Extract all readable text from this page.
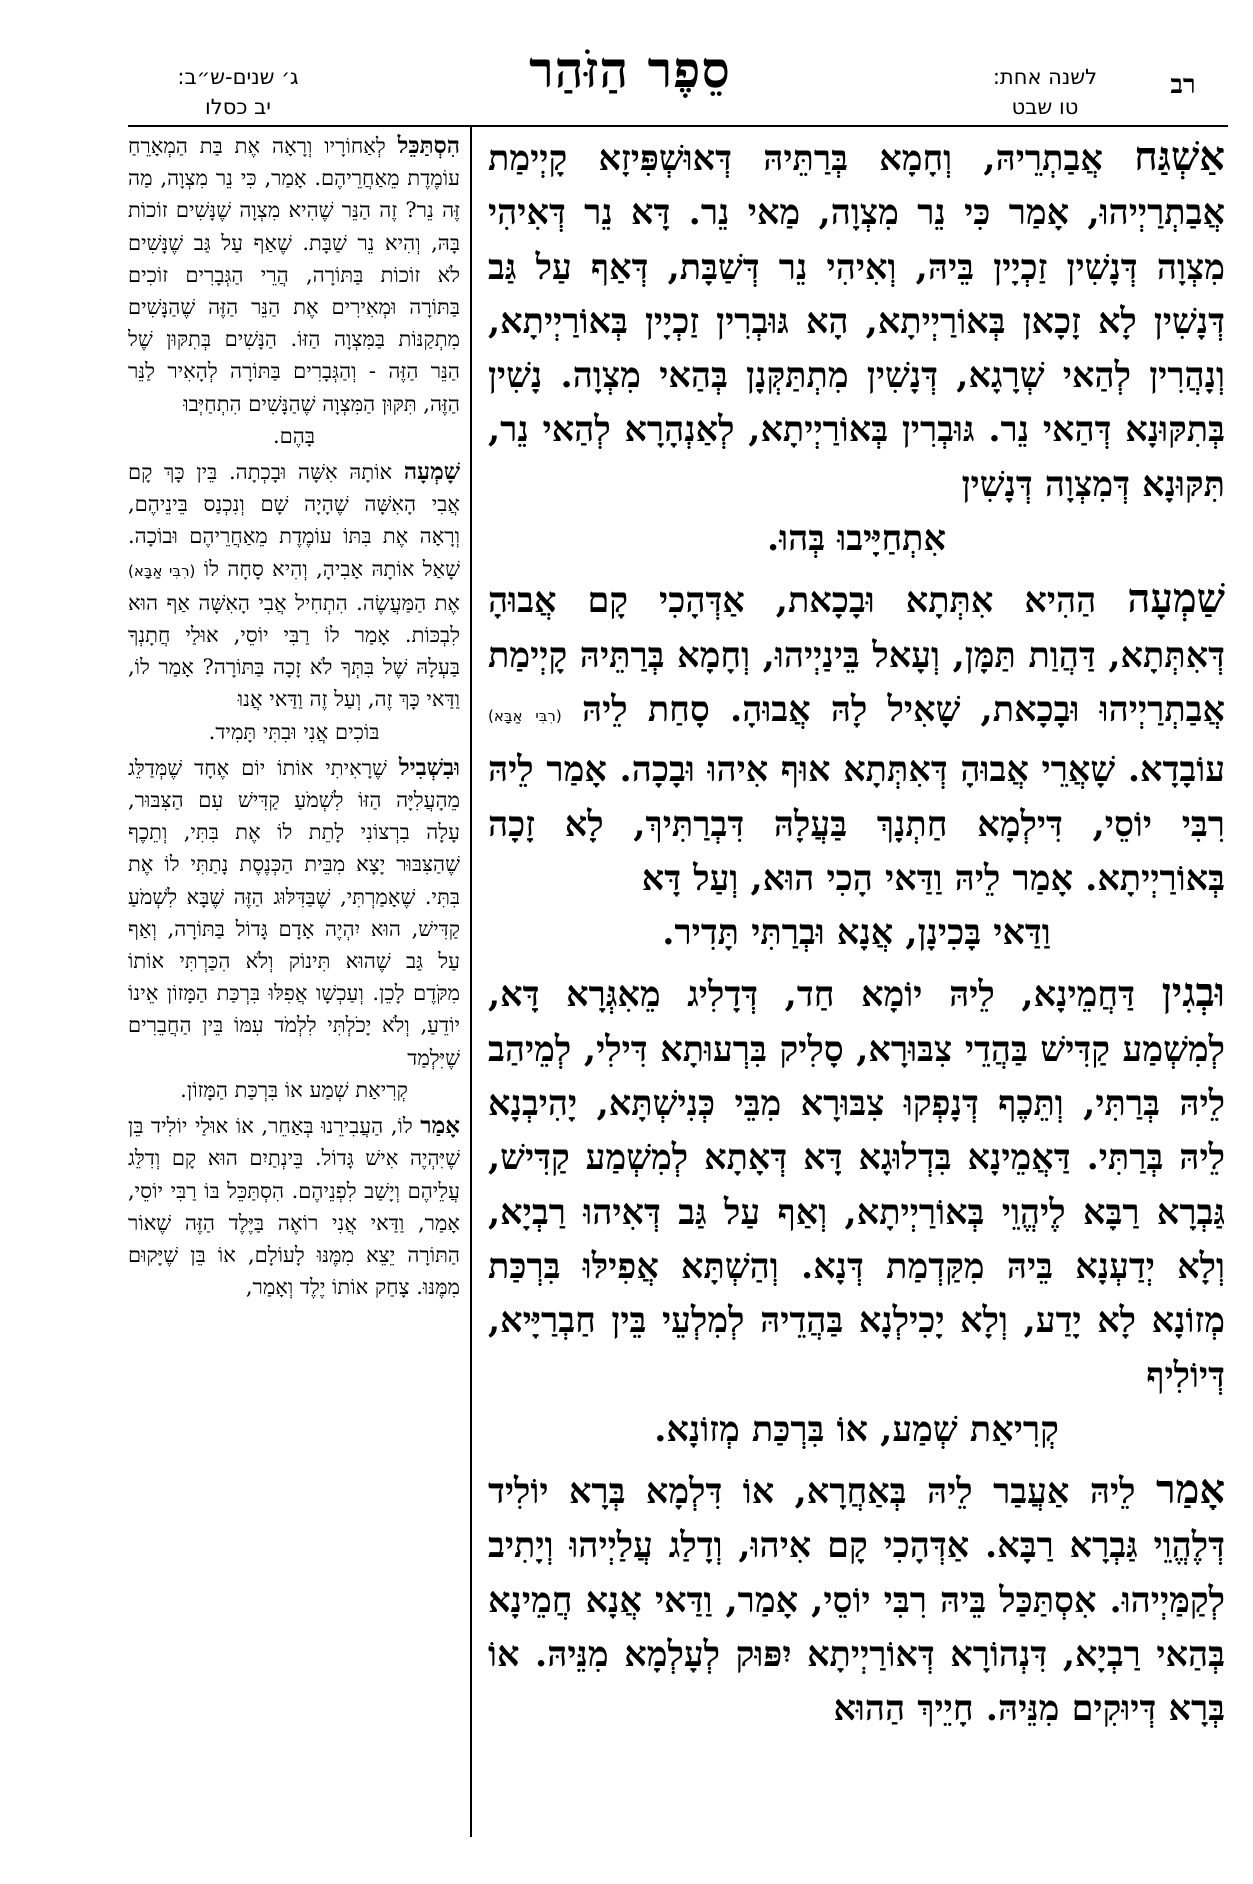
רב
לשנה אחת:
טו שבט
סֵפֶר הַזֹּהַר
ג׳ שנים-ש״ב:
יב כסלו

אַשְׁגַּח אֲבַתְרֵיהּ, וְחָמָא בְּרַתֵּיהּ דְּאוּשְׁפִּיזָא קָיְימַת אֲבַתְרַיְיהוּ, אָמַר כִּי נֵר מִצְוָה, מַאי נֵר. דָּא נֵר דְּאִיהִי מִצְוָה דְּנָשִׁין זַכְיָין בֵּיהּ, וְאִיהִי נֵר דְּשַׁבָּת, דְּאַף עַל גַּב דְּנָשִׁין לָא זָכָאן בְּאוֹרַיְיתָא, הָא גּוּבְרִין זַכְיָין בְּאוֹרַיְיתָא, וְנָהֲרִין לְהַאי שְׁרָגָא, דְּנָשִׁין מִתְתַּקְּנָן בְּהַאי מִצְוָה. נָשִׁין בְּתִקּוּנָא דְּהַאי נֵר. גּוּבְרִין בְּאוֹרַיְיתָא, לְאַנְהָרָא לְהַאי נֵר, תִּקּוּנָא דְּמִצְוָה דְּנָשִׁין
אִתְחַיָּיבוּ בְּהוּ.

שַׁמְעָה הַהִיא אִתְּתָא וּבָכָאת, אַדְּהָכִי קָם אֲבוּהָ דְּאִתְּתָא, דַּהֲוַת תַּמָּן, וְעָאל בֵּינַיְיהוּ, וְחָמָא בְּרַתֵּיהּ קָיְימַת אֲבַתְרַיְיהוּ וּבָכָאת, שָׁאִיל לָהּ אֲבוּהָ. סָחַת לֵיהּ (רִבִּי אַבָּא) עוֹבָדָא. שָׁאֲרֵי אֲבוּהָ דְּאִתְּתָא אוּף אִיהוּ וּבָכָה. אָמַר לֵיהּ רִבִּי יוֹסֵי, דִּילְמָא חַתְנָךְ בַּעֲלָהּ דִּבְרַתִּיךְ, לָא זָכָה בְּאוֹרַיְיתָא. אָמַר לֵיהּ וַדַּאי הָכִי הוּא, וְעַל דָּא
וַדַּאי בָּכִינָן, אֲנָא וּבְרַתִּי תָּדִיר.

וּבְגִין דַּחֲמֵינָא, לֵיהּ יוֹמָא חַד, דְּדָלִיג מֵאִגְּרָא דָּא, לְמִשְׁמַע קַדִּישׁ בַּהֲדֵי צִבּוּרָא, סָלִיק בִּרְעוּתָא דִּילִי, לְמֵיהַב לֵיהּ בְּרַתִּי, וְתֵּכֶף דְּנָפְקוּ צִבּוּרָא מִבֵּי כְּנִישְׁתָּא, יָהִיבְנָא לֵיהּ בְּרַתִּי. דַּאֲמֵינָא בִּדְלוּגָא דָּא דְּאָתָא לְמִשְׁמַע קַדִּישׁ, גַּבְרָא רַבָּא לֶיהֱוֵי בְּאוֹרַיְיתָא, וְאַף עַל גַּב דְּאִיהוּ רַבְיָא, וְלָא יְדַעְנָא בֵּיהּ מִקַּדְמַת דְּנָא. וְהַשְׁתָּא אֲפִילּוּ בִּרְכַּת מְזוֹנָא לָא יָדַע, וְלָא יָכִילְנָא בַּהֲדֵיהּ לְמִלְעֵי בֵּין חַבְרַיָּיא, דְּיוֹלִיף
קְרִיאַת שְׁמַע, אוֹ בִּרְכַּת מְזוֹנָא.

אָמַר לֵיהּ אַעֲבַר לֵיהּ בְּאַחֲרָא, אוֹ דִּלְמָא בְּרָא יוֹלִיד דְּלֶהֱוֵי גַּבְרָא רַבָּא. אַדְּהָכִי קָם אִיהוּ, וְדָלַג עֲלַיְיהוּ וְיָתִיב לְקַמַּיְיהוּ. אִסְתַּכַּל בֵּיהּ רִבִּי יוֹסֵי, אָמַר, וַדַּאי אֲנָא חֲמֵינָא בְּהַאי רַבְיָא, דִּנְהוֹרָא דְּאוֹרַיְיתָא יִפּוּק לְעָלְמָא מִנֵּיהּ. אוֹ בְּרָא דְּיוּקִים מִנֵּיהּ. חָיֵיךְ הַהוּא

הִסְתַּכֵּל לְאַחוֹרָיו וְרָאָה אֶת בַּת הַמְאָרֵחַ עוֹמֶדֶת מֵאַחֲרֵיהֶם. אָמַר, כִּי נֵר מִצְוָה, מַה זֶּה נֵר? זֶה הַנֵּר שֶׁהִיא מִצְוָה שֶׁנָּשִׁים זוֹכוֹת בָּהּ, וְהִיא נֵר שַׁבָּת. שֶׁאַף עַל גַּב שֶׁנָּשִׁים לֹא זוֹכוֹת בַּתּוֹרָה, הֲרֵי הַגְּבָרִים זוֹכִים בַּתּוֹרָה וּמְאִירִים אֶת הַנֵּר הַזֶּה שֶׁהַנָּשִׁים מִתְקַנּוֹת בַּמִּצְוָה הַזּוֹ. הַנָּשִׁים בְּתִקּוּן שֶׁל הַנֵּר הַזֶּה - וְהַגְּבָרִים בַּתּוֹרָה לְהָאִיר לַנֵּר הַזֶּה, תִּקּוּן הַמִּצְוָה שֶׁהַנָּשִׁים הִתְחַיְּבוּ
בָּהֶם.

שָׁמְעָה אוֹתָהּ אִשָּׁה וּבָכְתָה. בֵּין כָּךְ קָם אֲבִי הָאִשָּׁה שֶׁהָיָה שָׁם וְנִכְנַס בֵּינֵיהֶם, וְרָאָה אֶת בִּתּוֹ עוֹמֶדֶת מֵאַחֲרֵיהֶם וּבוֹכָה. שָׁאַל אוֹתָהּ אָבִיהָ, וְהִיא סָחָה לוֹ (רִבִּי אַבָּא) אֶת הַמַּעֲשֶׂה. הִתְחִיל אֲבִי הָאִשָּׁה אַף הוּא לִבְכּוֹת. אָמַר לוֹ רַבִּי יוֹסֵי, אוּלַי חֲתָנְךָ בַּעְלָהּ שֶׁל בִּתְּךָ לֹא זָכָה בַּתּוֹרָה? אָמַר לוֹ, וַדַּאי כָּךְ זֶה, וְעַל זֶה וַדַּאי אֲנוּ
בּוֹכִים אֲנִי וּבִתִּי תָּמִיד.

וּבִשְׁבִיל שֶׁרָאִיתִי אוֹתוֹ יוֹם אֶחָד שֶׁמְּדַלֵּג מֵהָעֲלִיָּה הַזּוֹ לִשְׁמֹעַ קַדִּישׁ עִם הַצִּבּוּר, עָלָה בִרְצוֹנִי לָתֵת לוֹ אֶת בִּתִּי, וְתֵכֶף שֶׁהַצִּבּוּר יָצָא מִבֵּית הַכְּנֶסֶת נָתַתִּי לוֹ אֶת בִּתִּי. שֶׁאָמַרְתִּי, שֶׁבַּדִּלּוּג הַזֶּה שֶׁבָּא לִשְׁמֹעַ קַדִּישׁ, הוּא יִהְיֶה אָדָם גָּדוֹל בַּתּוֹרָה, וְאַף עַל גַּב שֶׁהוּא תִּינוֹק וְלֹא הִכַּרְתִּי אוֹתוֹ מִקֹּדֶם לָכֵן. וְעַכְשָׁו אֲפִלּוּ בִּרְכַּת הַמָּזוֹן אֵינוֹ יוֹדֵעַ, וְלֹא יָכֹלְתִּי לִלְמֹד עִמּוֹ בֵּין הַחֲבֵרִים שֶׁיִּלְמַד
קְרִיאַת שְׁמַע אוֹ בִּרְכַּת הַמָּזוֹן.

אָמַר לוֹ, הַעֲבִירֵנוּ בְּאַחֵר, אוֹ אוּלַי יוֹלִיד בֵּן שֶׁיִּהְיֶה אִישׁ גָּדוֹל. בֵּינְתַיִם הוּא קָם וְדִלֵּג עֲלֵיהֶם וְיָשַׁב לִפְנֵיהֶם. הִסְתַּכֵּל בּוֹ רַבִּי יוֹסֵי, אָמַר, וַדַּאי אֲנִי רוֹאֶה בַּיֶּלֶד הַזֶּה שֶׁאוֹר הַתּוֹרָה יֵצֵא מִמֶּנּוּ לָעוֹלָם, אוֹ בֵּן שֶׁיָּקוּם מִמֶּנּוּ. צָחַק אוֹתוֹ יֶלֶד וְאָמַר,
